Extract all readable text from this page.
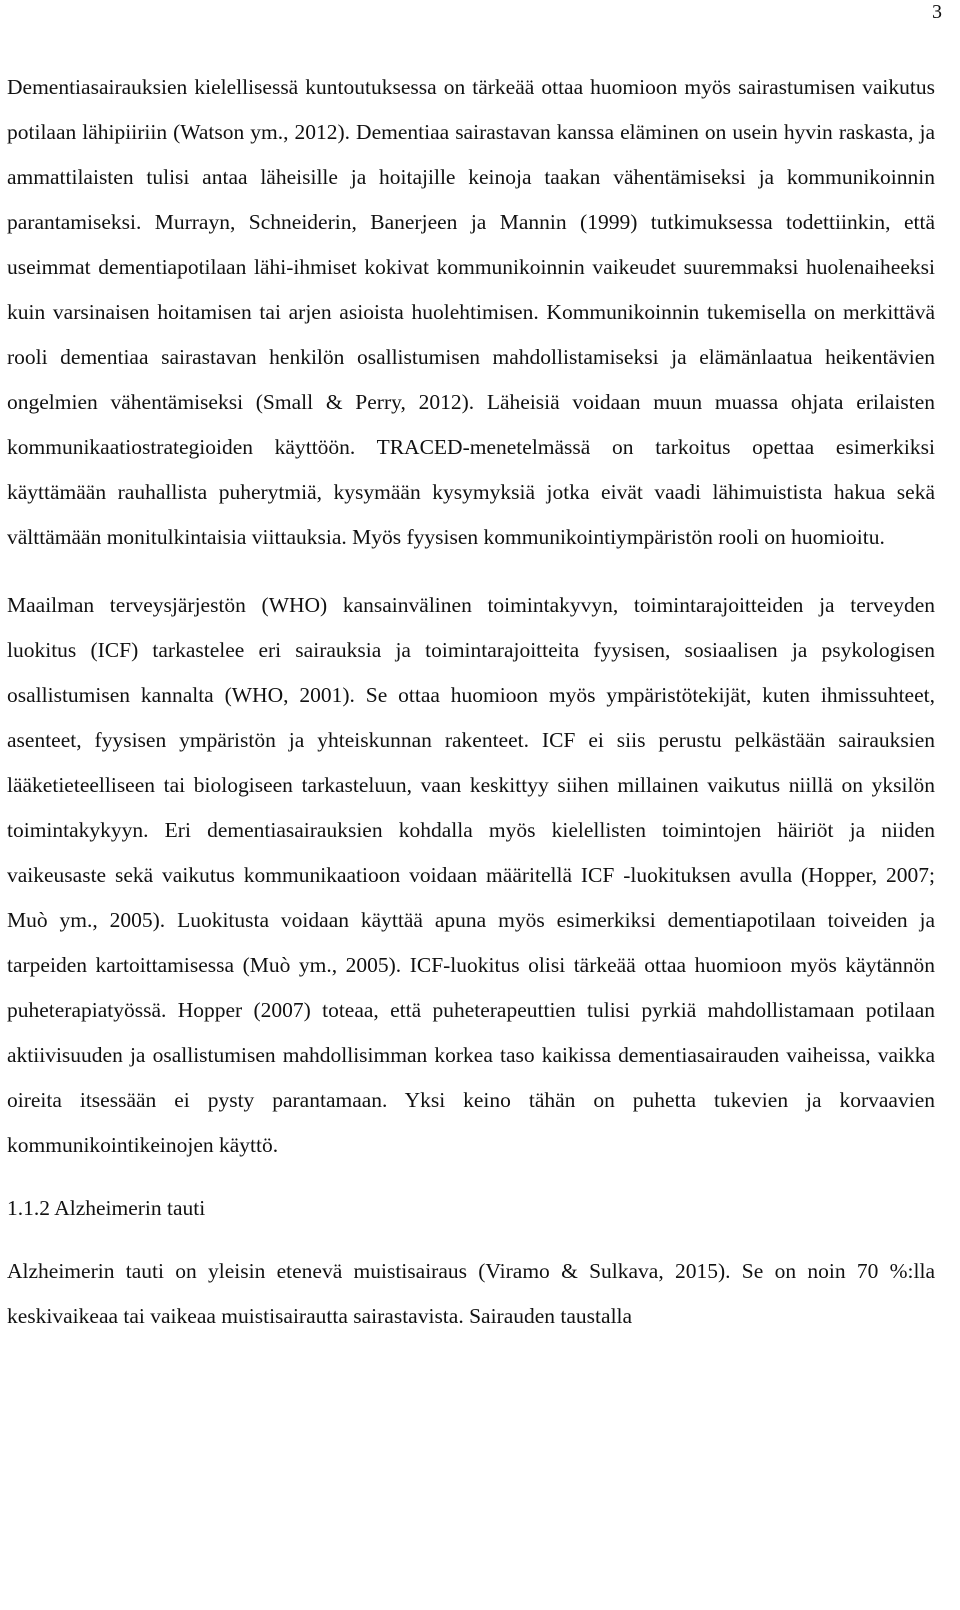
3

Dementiasairauksien kielellisessä kuntoutuksessa on tärkeää ottaa huomioon myös sairastumisen vaikutus potilaan lähipiiriin (Watson ym., 2012). Dementiaa sairastavan kanssa eläminen on usein hyvin raskasta, ja ammattilaisten tulisi antaa läheisille ja hoitajille keinoja taakan vähentämiseksi ja kommunikoinnin parantamiseksi. Murrayn, Schneiderin, Banerjeen ja Mannin (1999) tutkimuksessa todettiinkin, että useimmat dementiapotilaan lähi-ihmiset kokivat kommunikoinnin vaikeudet suuremmaksi huolenaiheeksi kuin varsinaisen hoitamisen tai arjen asioista huolehtimisen. Kommunikoinnin tukemisella on merkittävä rooli dementiaa sairastavan henkilön osallistumisen mahdollistamiseksi ja elämänlaatua heikentävien ongelmien vähentämiseksi (Small & Perry, 2012). Läheisiä voidaan muun muassa ohjata erilaisten kommunikaatiostrategioiden käyttöön. TRACED-menetelmässä on tarkoitus opettaa esimerkiksi käyttämään rauhallista puherytmiä, kysymään kysymyksiä jotka eivät vaadi lähimuistista hakua sekä välttämään monitulkintaisia viittauksia. Myös fyysisen kommunikointiympäristön rooli on huomioitu.

Maailman terveysjärjestön (WHO) kansainvälinen toimintakyvyn, toimintarajoitteiden ja terveyden luokitus (ICF) tarkastelee eri sairauksia ja toimintarajoitteita fyysisen, sosiaalisen ja psykologisen osallistumisen kannalta (WHO, 2001). Se ottaa huomioon myös ympäristötekijät, kuten ihmissuhteet, asenteet, fyysisen ympäristön ja yhteiskunnan rakenteet. ICF ei siis perustu pelkästään sairauksien lääketieteelliseen tai biologiseen tarkasteluun, vaan keskittyy siihen millainen vaikutus niillä on yksilön toimintakykyyn. Eri dementiasairauksien kohdalla myös kielellisten toimintojen häiriöt ja niiden vaikeusaste sekä vaikutus kommunikaatioon voidaan määritellä ICF -luokituksen avulla (Hopper, 2007; Muò ym., 2005). Luokitusta voidaan käyttää apuna myös esimerkiksi dementiapotilaan toiveiden ja tarpeiden kartoittamisessa (Muò ym., 2005). ICF-luokitus olisi tärkeää ottaa huomioon myös käytännön puheterapiatyössä. Hopper (2007) toteaa, että puheterapeuttien tulisi pyrkiä mahdollistamaan potilaan aktiivisuuden ja osallistumisen mahdollisimman korkea taso kaikissa dementiasairauden vaiheissa, vaikka oireita itsessään ei pysty parantamaan. Yksi keino tähän on puhetta tukevien ja korvaavien kommunikointikeinojen käyttö.

1.1.2 Alzheimerin tauti

Alzheimerin tauti on yleisin etenevä muistisairaus (Viramo & Sulkava, 2015). Se on noin 70 %:lla keskivaikeaa tai vaikeaa muistisairautta sairastavista. Sairauden taustalla
